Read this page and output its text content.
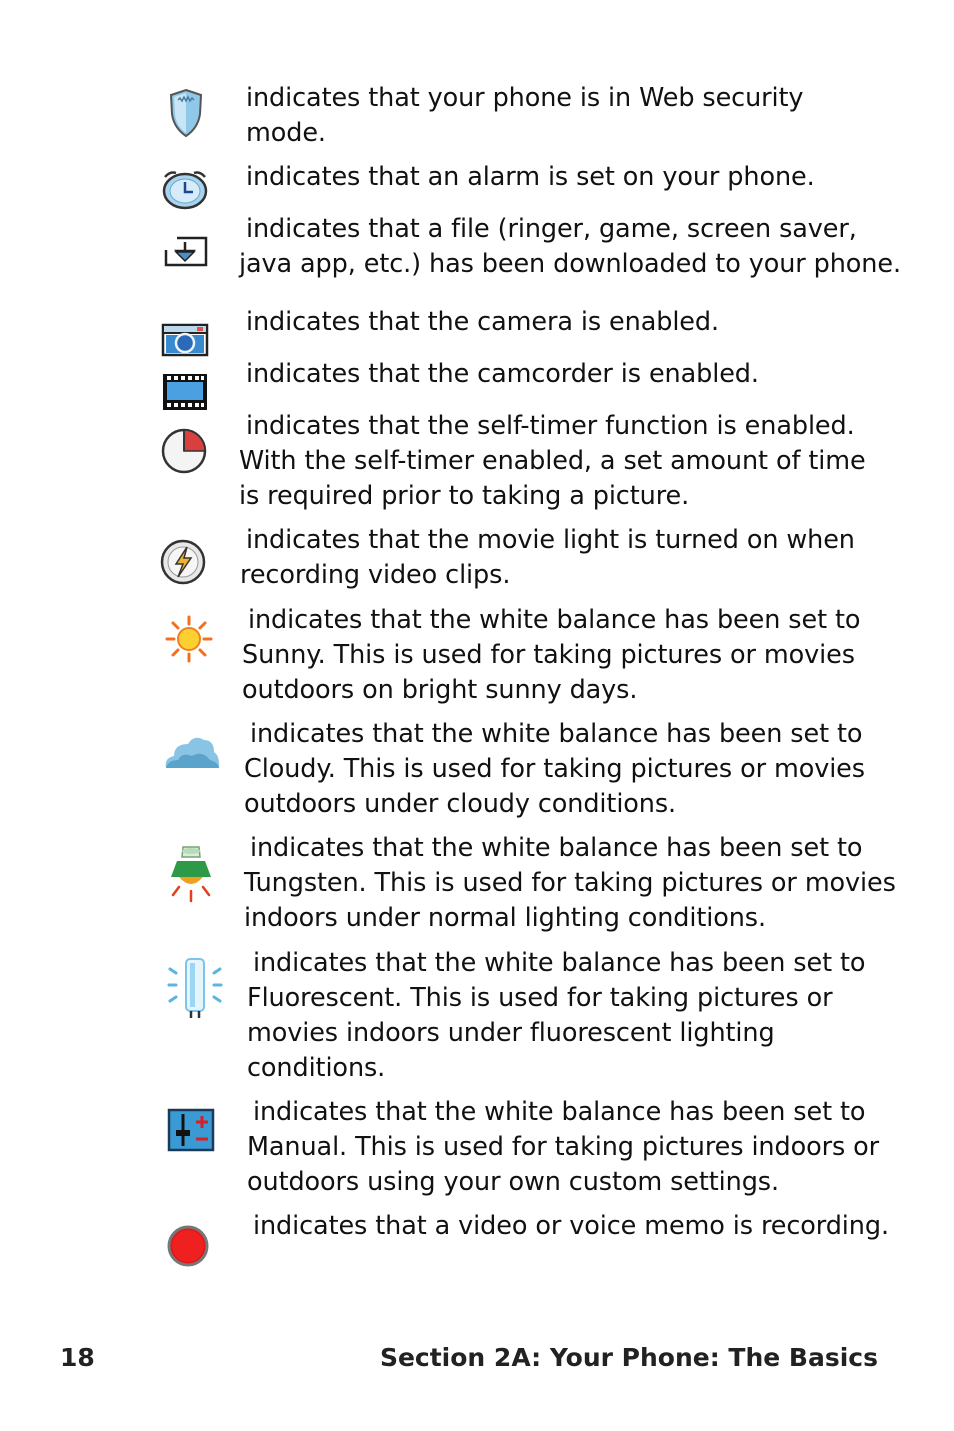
indicates that your phone is in Web security
mode.
indicates that an alarm is set on your phone.
indicates that a file (ringer, game, screen saver,
java app, etc.) has been downloaded to your phone.
indicates that the camera is enabled.
indicates that the camcorder is enabled.
indicates that the self-timer function is enabled.
With the self-timer enabled, a set amount of time
is required prior to taking a picture.
indicates that the movie light is turned on when
recording video clips.
indicates that the white balance has been set to
Sunny. This is used for taking pictures or movies
outdoors on bright sunny days.
indicates that the white balance has been set to
Cloudy. This is used for taking pictures or movies
outdoors under cloudy conditions.
indicates that the white balance has been set to
Tungsten. This is used for taking pictures or movies
indoors under normal lighting conditions.
indicates that the white balance has been set to
Fluorescent. This is used for taking pictures or
movies indoors under fluorescent lighting
conditions.
indicates that the white balance has been set to
Manual. This is used for taking pictures indoors or
outdoors using your own custom settings.
indicates that a video or voice memo is recording.
18	Section 2A: Your Phone: The Basics
